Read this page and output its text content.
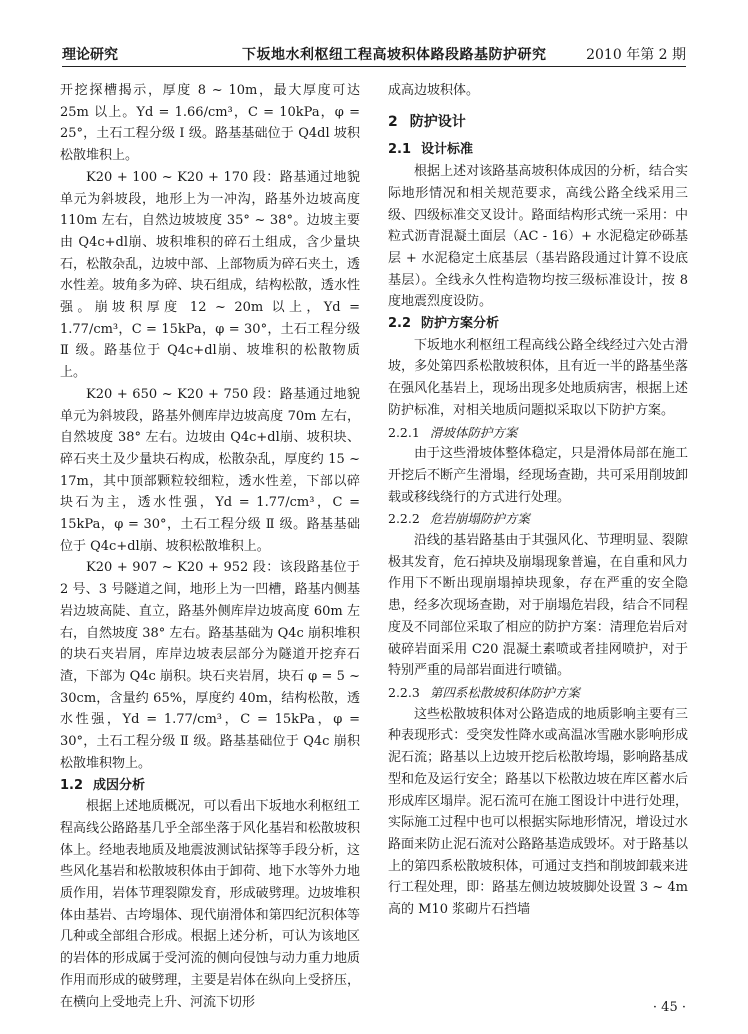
理论研究	下坂地水利枢纽工程高坡积体路段路基防护研究	2010 年第 2 期

开挖探槽揭示，厚度 8 ~ 10m，最大厚度可达 25m 以上。Yd = 1.66/cm³，C = 10kPa，φ = 25°，土石工程分级 Ⅰ 级。路基基础位于 Q4dl 坡积松散堆积上。

K20 + 100 ~ K20 + 170 段：路基通过地貌单元为斜坡段，地形上为一冲沟，路基外边坡高度 110m 左右，自然边坡坡度 35° ~ 38°。边坡主要由 Q4c+dl崩、坡积堆积的碎石土组成，含少量块石，松散杂乱，边坡中部、上部物质为碎石夹土，透水性差。坡角多为碎、块石组成，结构松散，透水性强。崩坡积厚度 12 ~ 20m 以上，Yd = 1.77/cm³，C = 15kPa，φ = 30°，土石工程分级 Ⅱ 级。路基位于 Q4c+dl崩、坡堆积的松散物质上。

K20 + 650 ~ K20 + 750 段：路基通过地貌单元为斜坡段，路基外侧库岸边坡高度 70m 左右，自然坡度 38° 左右。边坡由 Q4c+dl崩、坡积块、碎石夹土及少量块石构成，松散杂乱，厚度约 15 ~ 17m，其中顶部颗粒较细粒，透水性差，下部以碎块石为主，透水性强，Yd = 1.77/cm³，C = 15kPa，φ = 30°，土石工程分级 Ⅱ 级。路基基础位于 Q4c+dl崩、坡积松散堆积上。

K20 + 907 ~ K20 + 952 段：该段路基位于 2 号、3 号隧道之间，地形上为一凹槽，路基内侧基岩边坡高陡、直立，路基外侧库岸边坡高度 60m 左右，自然坡度 38° 左右。路基基础为 Q4c 崩积堆积的块石夹岩屑，库岸边坡表层部分为隧道开挖弃石渣，下部为 Q4c 崩积。块石夹岩屑，块石 φ = 5 ~ 30cm，含量约 65%，厚度约 40m，结构松散，透水性强，Yd = 1.77/cm³，C = 15kPa，φ = 30°，土石工程分级 Ⅱ 级。路基基础位于 Q4c 崩积松散堆积物上。

1.2 成因分析

根据上述地质概况，可以看出下坂地水利枢纽工程高线公路路基几乎全部坐落于风化基岩和松散坡积体上。经地表地质及地震波测试钻探等手段分析，这些风化基岩和松散坡积体由于卸荷、地下水等外力地质作用，岩体节理裂隙发育，形成破劈理。边坡堆积体由基岩、古垮塌体、现代崩滑体和第四纪沉积体等几种或全部组合形成。根据上述分析，可认为该地区的岩体的形成属于受河流的侧向侵蚀与动力重力地质作用而形成的破劈理，主要是岩体在纵向上受挤压，在横向上受地壳上升、河流下切形

成高边坡积体。

2 防护设计
2.1 设计标准

根据上述对该路基高坡积体成因的分析，结合实际地形情况和相关规范要求，高线公路全线采用三级、四级标准交叉设计。路面结构形式统一采用：中粒式沥青混凝土面层（AC - 16）+ 水泥稳定砂砾基层 + 水泥稳定土底基层（基岩路段通过计算不设底基层）。全线永久性构造物均按三级标准设计，按 8 度地震烈度设防。

2.2 防护方案分析

下坂地水利枢纽工程高线公路全线经过六处古滑坡，多处第四系松散坡积体，且有近一半的路基坐落在强风化基岩上，现场出现多处地质病害，根据上述防护标准，对相关地质问题拟采取以下防护方案。

2.2.1 滑坡体防护方案

由于这些滑坡体整体稳定，只是滑体局部在施工开挖后不断产生滑塌，经现场查勘，共可采用削坡卸载或移线绕行的方式进行处理。

2.2.2 危岩崩塌防护方案

沿线的基岩路基由于其强风化、节理明显、裂隙极其发育，危石掉块及崩塌现象普遍，在自重和风力作用下不断出现崩塌掉块现象，存在严重的安全隐患，经多次现场查勘，对于崩塌危岩段，结合不同程度及不同部位采取了相应的防护方案：清理危岩后对破碎岩面采用 C20 混凝土素喷或者挂网喷护，对于特别严重的局部岩面进行喷锚。

2.2.3 第四系松散坡积体防护方案

这些松散坡积体对公路造成的地质影响主要有三种表现形式：受突发性降水或高温冰雪融水影响形成泥石流；路基以上边坡开挖后松散垮塌，影响路基成型和危及运行安全；路基以下松散边坡在库区蓄水后形成库区塌岸。泥石流可在施工图设计中进行处理，实际施工过程中也可以根据实际地形情况，增设过水路面来防止泥石流对公路路基造成毁坏。对于路基以上的第四系松散坡积体，可通过支挡和削坡卸载来进行工程处理，即：路基左侧边坡坡脚处设置 3 ~ 4m 高的 M10 浆砌片石挡墙

· 45 ·
